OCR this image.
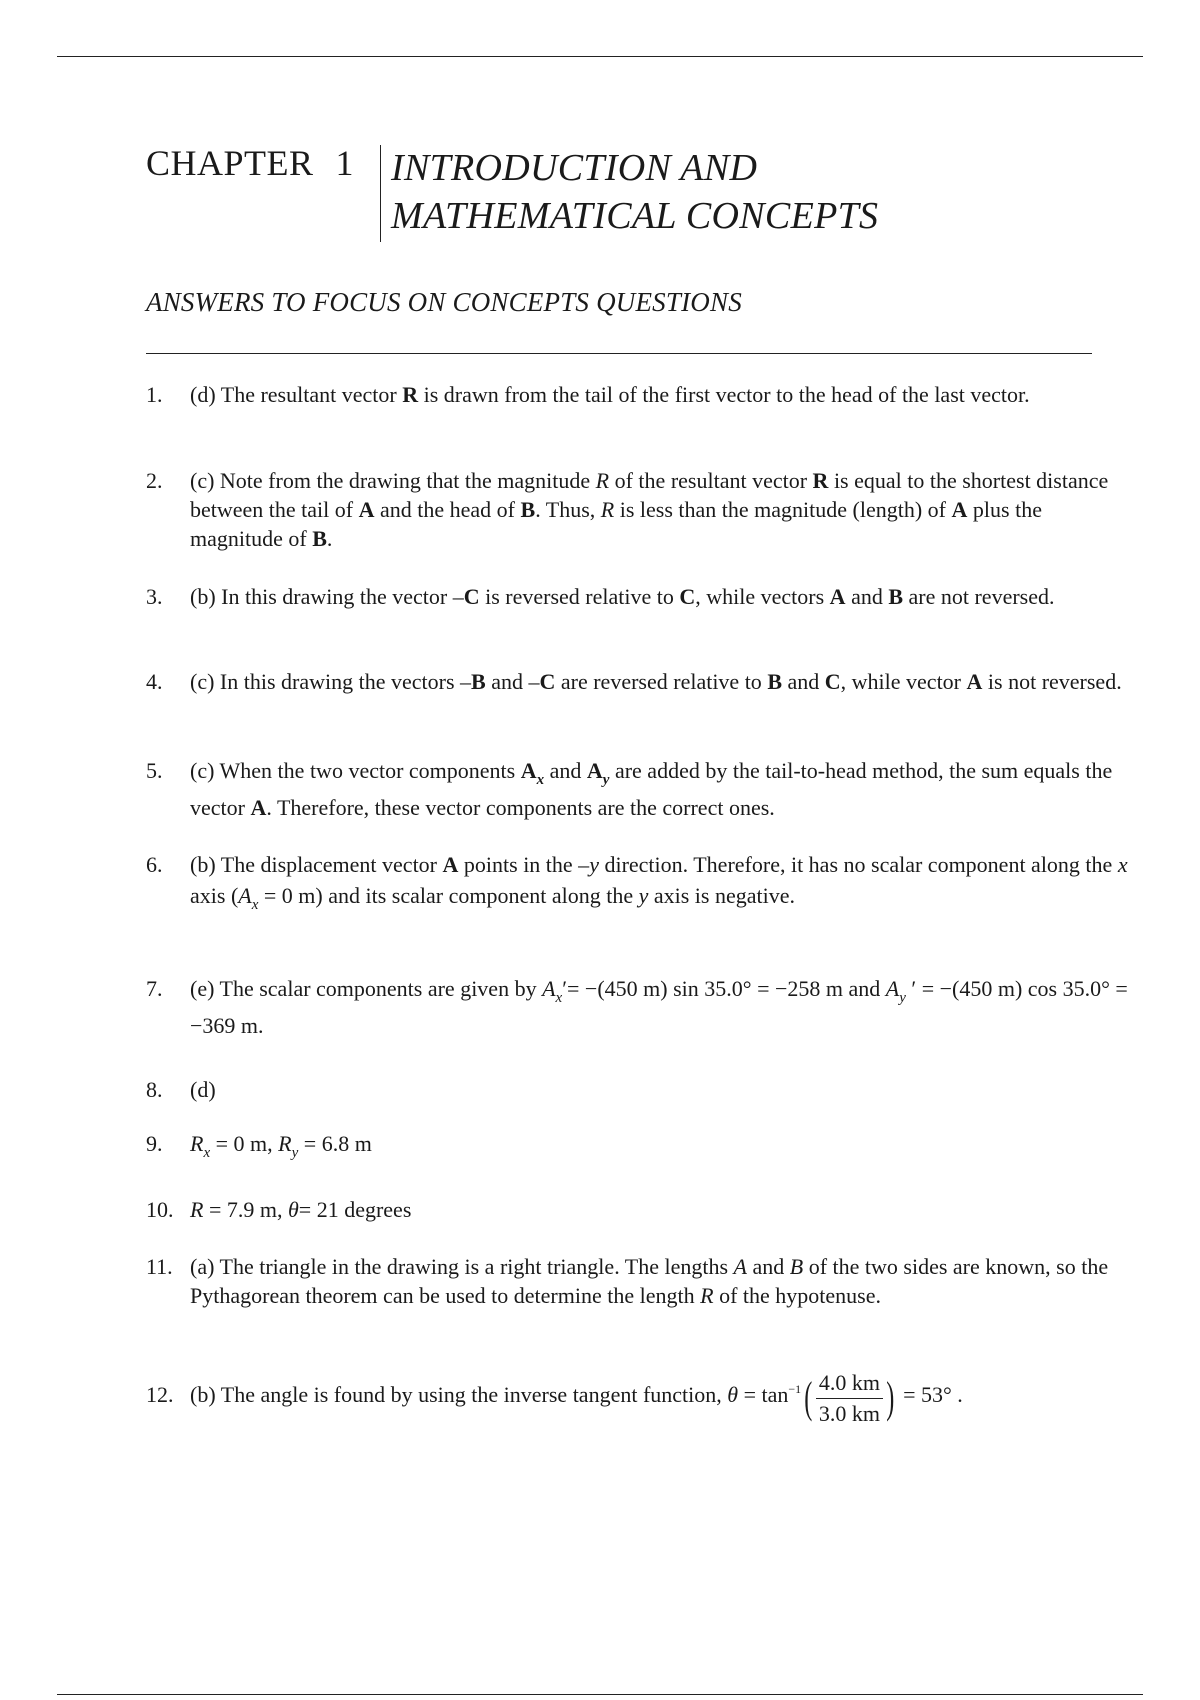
CHAPTER 1 INTRODUCTION AND
MATHEMATICAL CONCEPTS
ANSWERS TO FOCUS ON CONCEPTS QUESTIONS
1. (d) The resultant vector R is drawn from the tail of the first vector to the head of the last vector.
2. (c) Note from the drawing that the magnitude R of the resultant vector R is equal to the shortest distance between the tail of A and the head of B. Thus, R is less than the magnitude (length) of A plus the magnitude of B.
3. (b) In this drawing the vector –C is reversed relative to C, while vectors A and B are not reversed.
4. (c) In this drawing the vectors –B and –C are reversed relative to B and C, while vector A is not reversed.
5. (c) When the two vector components $A_x$ and $A_y$ are added by the tail-to-head method, the sum equals the vector A. Therefore, these vector components are the correct ones.
6. (b) The displacement vector A points in the –y direction. Therefore, it has no scalar component along the x axis ($A_x = 0$ m) and its scalar component along the y axis is negative.
7. (e) The scalar components are given by $A_x'= -(450$ m) sin 35.0° = −258 m and $A_y$ ′ = −(450 m) cos 35.0° = −369 m.
8. (d)
9. $R_x = 0$ m, $R_y = 6.8$ m
10. R = 7.9 m, θ= 21 degrees
11. (a) The triangle in the drawing is a right triangle. The lengths A and B of the two sides are known, so the Pythagorean theorem can be used to determine the length R of the hypotenuse.
12. (b) The angle is found by using the inverse tangent function, $\theta = \tan^{-1}( \frac{4.0 km}{3.0 km}$ ) = 53° .
